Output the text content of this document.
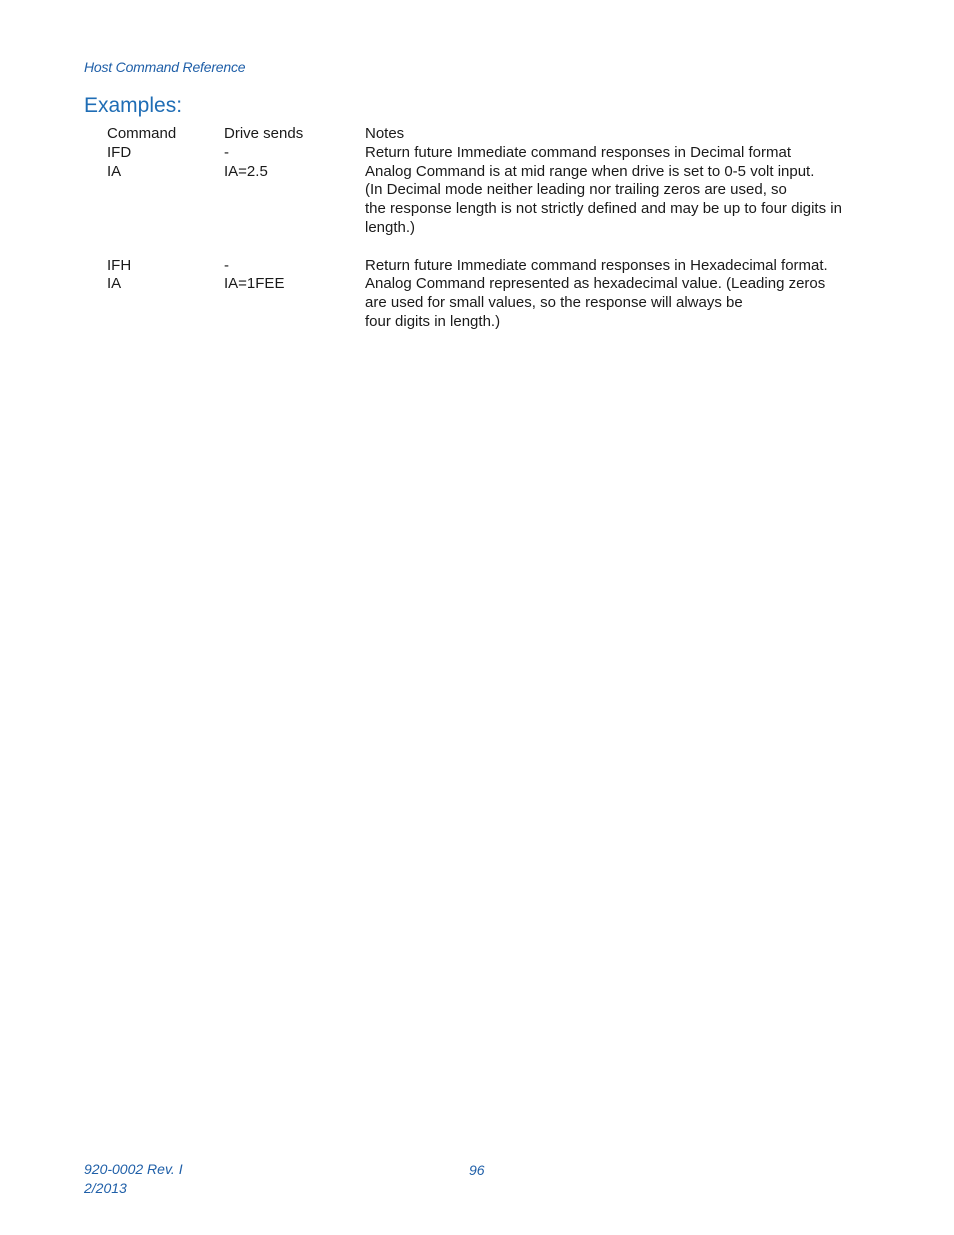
Host Command Reference
Examples:
Command	Drive sends	Notes
IFD	-	Return future Immediate command responses in Decimal format
IA	IA=2.5	Analog Command is at mid range when drive is set to 0-5 volt input.
(In Decimal mode neither leading nor trailing zeros are used, so
the response length is not strictly defined and may be up to four digits in
length.)
IFH	-	Return future Immediate command responses in Hexadecimal format.
IA	IA=1FEE	Analog Command represented as hexadecimal value. (Leading zeros
are used for small values, so the response will always be
four digits in length.)
920-0002 Rev. I
2/2013
96
